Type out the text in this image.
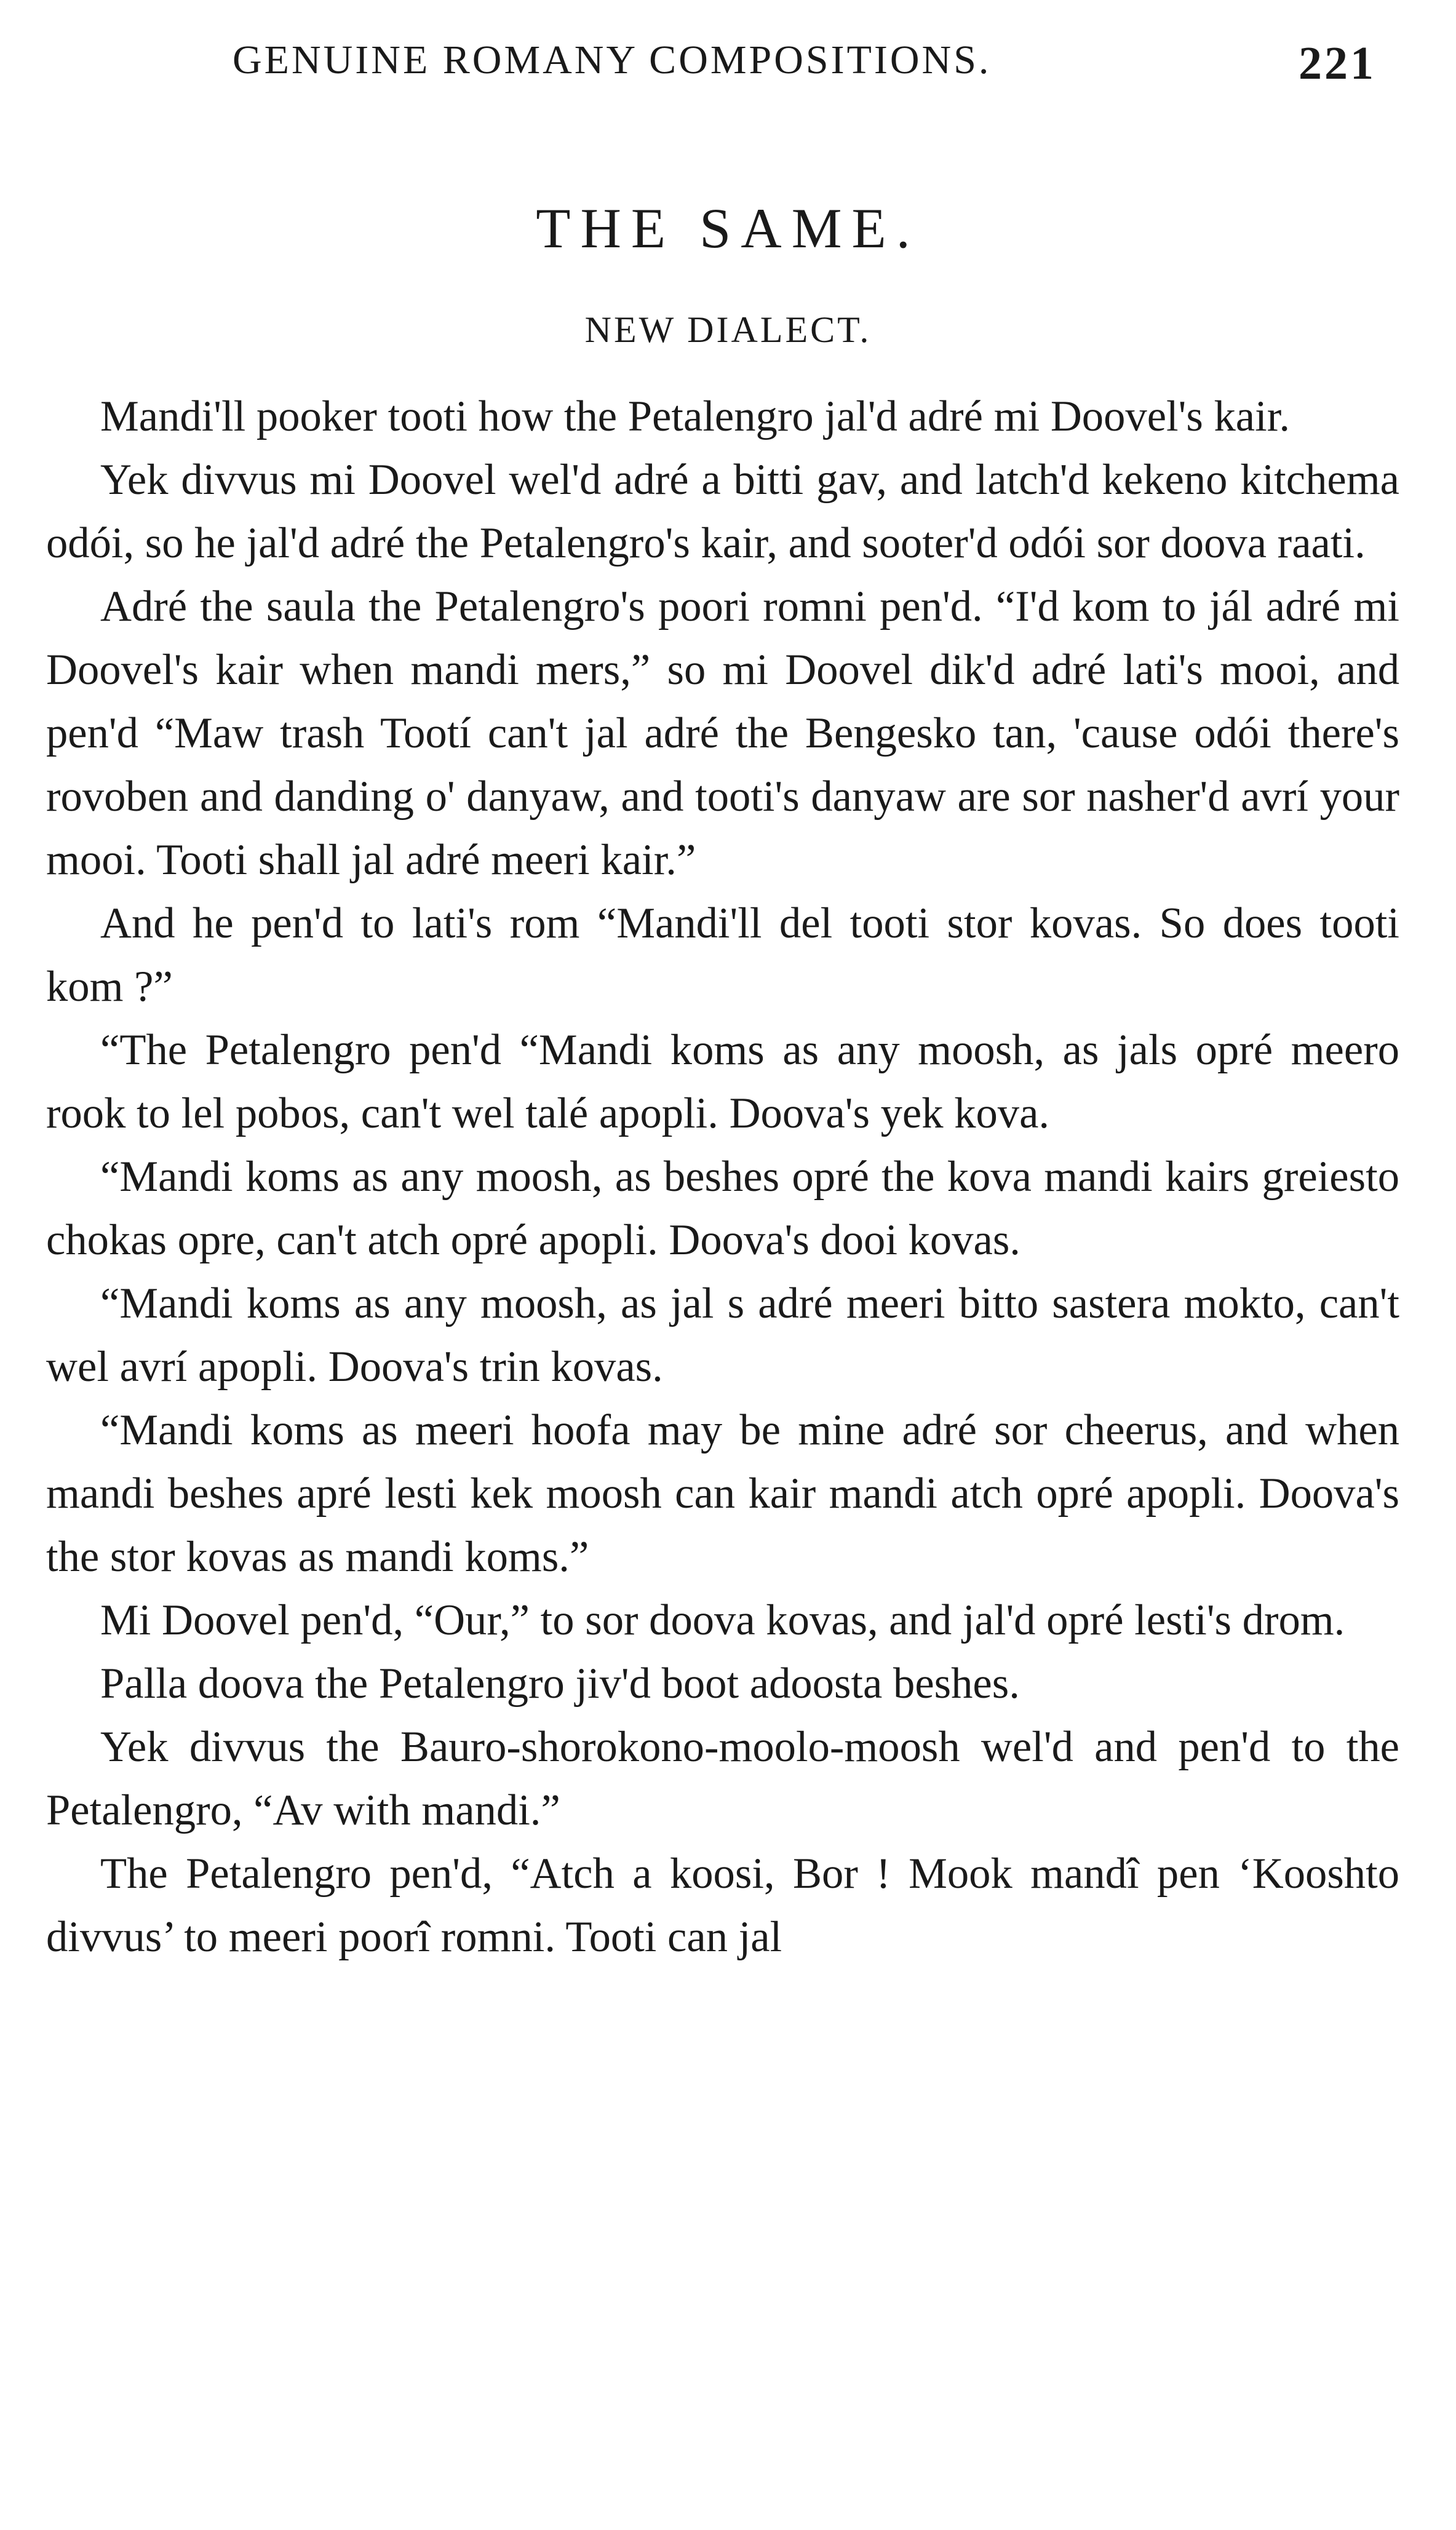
GENUINE ROMANY COMPOSITIONS.	221
THE SAME.
NEW DIALECT.

Mandi'll pooker tooti how the Petalengro jal'd adré mi Doovel's kair.

Yek divvus mi Doovel wel'd adré a bitti gav, and latch'd kekeno kitchema odói, so he jal'd adré the Petalengro's kair, and sooter'd odói sor doova raati.

Adré the saula the Petalengro's poori romni pen'd. “I'd kom to jál adré mi Doovel's kair when mandi mers,” so mi Doovel dik'd adré lati's mooi, and pen'd “Maw trash Tootí can't jal adré the Bengesko tan, 'cause odói there's rovoben and danding o' danyaw, and tooti's danyaw are sor nasher'd avrí your mooi. Tooti shall jal adré meeri kair.”

And he pen'd to lati's rom “Mandi'll del tooti stor kovas. So does tooti kom ?”

“The Petalengro pen'd “Mandi koms as any moosh, as jals opré meero rook to lel pobos, can't wel talé apopli. Doova's yek kova.

“Mandi koms as any moosh, as beshes opré the kova mandi kairs greiesto chokas opre, can't atch opré apopli. Doova's dooi kovas.

“Mandi koms as any moosh, as jal s adré meeri bitto sastera mokto, can't wel avrí apopli. Doova's trin kovas.

“Mandi koms as meeri hoofa may be mine adré sor cheerus, and when mandi beshes apré lesti kek moosh can kair mandi atch opré apopli. Doova's the stor kovas as mandi koms.”

Mi Doovel pen'd, “Our,” to sor doova kovas, and jal'd opré lesti's drom.

Palla doova the Petalengro jiv'd boot adoosta beshes.

Yek divvus the Bauro-shorokono-moolo-moosh wel'd and pen'd to the Petalengro, “Av with mandi.”

The Petalengro pen'd, “Atch a koosi, Bor ! Mook mandî pen ‘Kooshto divvus’ to meeri poorî romni. Tooti can jal
